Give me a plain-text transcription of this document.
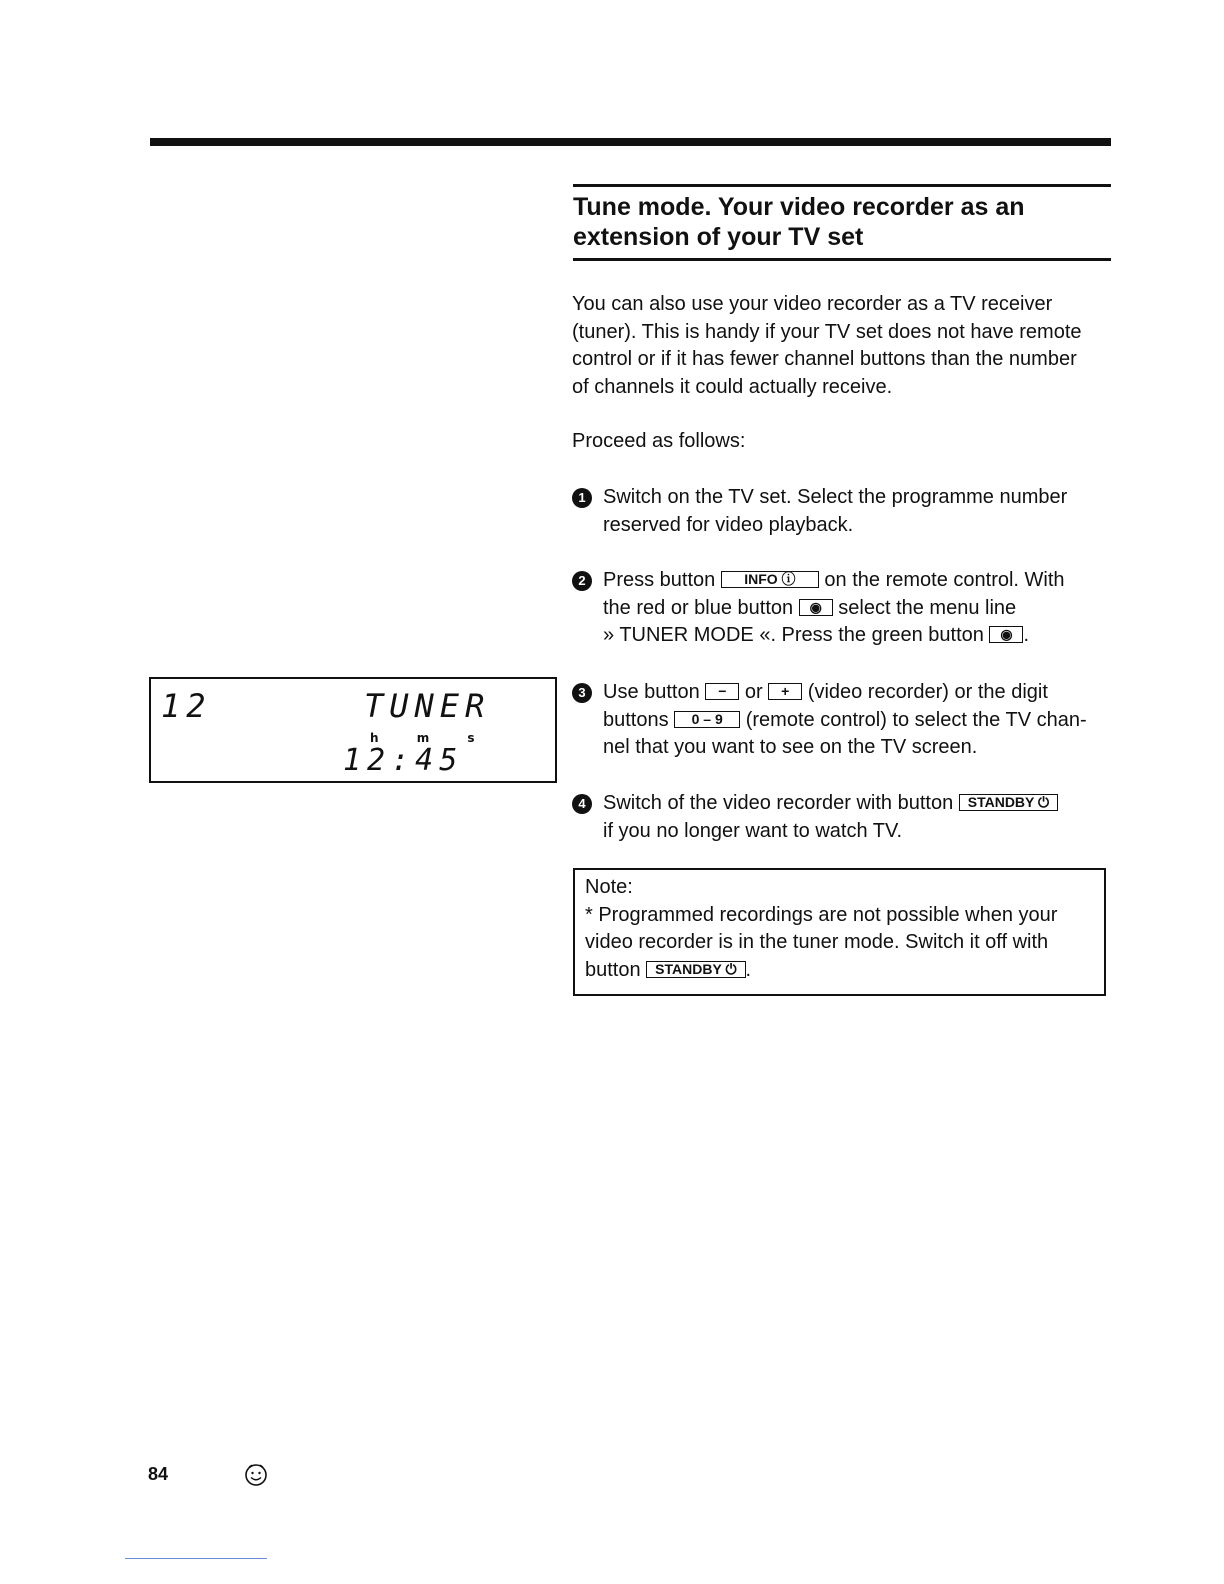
Tune mode. Your video recorder as an
extension of your TV set
You can also use your video recorder as a TV receiver
(tuner). This is handy if your TV set does not have remote
control or if it has fewer channel buttons than the number
of channels it could actually receive.
Proceed as follows:
1 Switch on the TV set. Select the programme number
reserved for video playback.
2 Press button INFO ⓘ on the remote control. With
the red or blue button ◉ select the menu line
» TUNER MODE «. Press the green button ◉ .
3 Use button − or + (video recorder) or the digit
buttons 0 – 9 (remote control) to select the TV chan-
nel that you want to see on the TV screen.
4 Switch of the video recorder with button STANDBY ⏻
if you no longer want to watch TV.
Note:
* Programmed recordings are not possible when your
video recorder is in the tuner mode. Switch it off with
button STANDBY ⏻ .
12	TUNER
h m s
12:45
84
